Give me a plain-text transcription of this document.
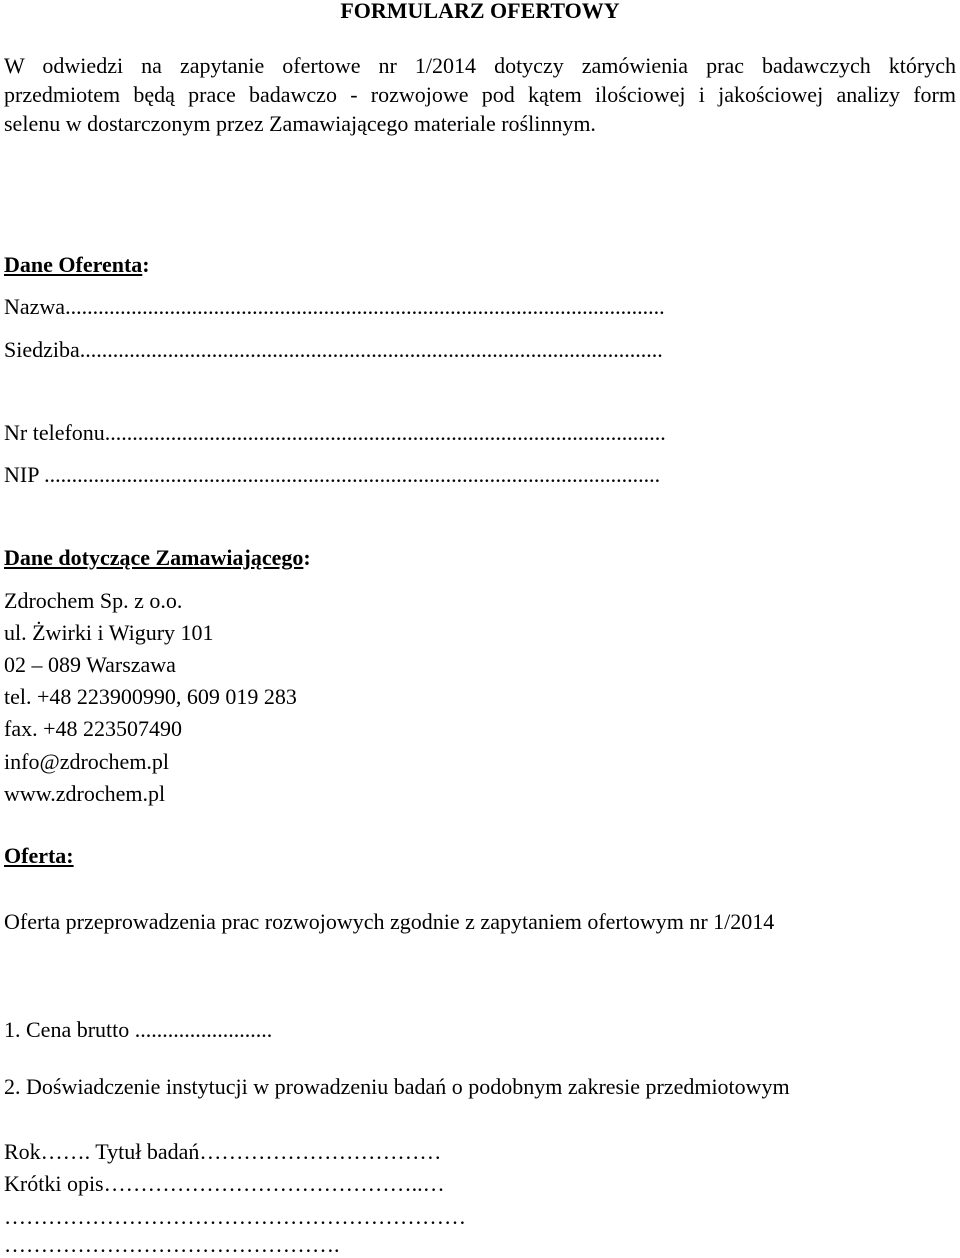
FORMULARZ OFERTOWY
W odwiedzi na zapytanie ofertowe nr 1/2014 dotyczy zamówienia prac badawczych których
przedmiotem będą prace badawczo - rozwojowe pod kątem ilościowej i jakościowej analizy form
selenu w dostarczonym przez Zamawiającego materiale roślinnym.
Dane Oferenta:
Nazwa.............................................................................................................
Siedziba..........................................................................................................
Nr telefonu......................................................................................................
NIP ................................................................................................................
Dane dotyczące Zamawiającego:
Zdrochem Sp. z o.o.
ul. Żwirki i Wigury 101
02 – 089 Warszawa
tel. +48 223900990, 609 019 283
fax. +48 223507490
info@zdrochem.pl
www.zdrochem.pl
Oferta:
Oferta przeprowadzenia prac rozwojowych zgodnie z zapytaniem ofertowym nr 1/2014
1. Cena brutto .........................
2. Doświadczenie instytucji w prowadzeniu badań o podobnym zakresie przedmiotowym
Rok……. Tytuł badań……………………………
Krótki opis……………………………………..…
………………………………………………………
……………………………………….
